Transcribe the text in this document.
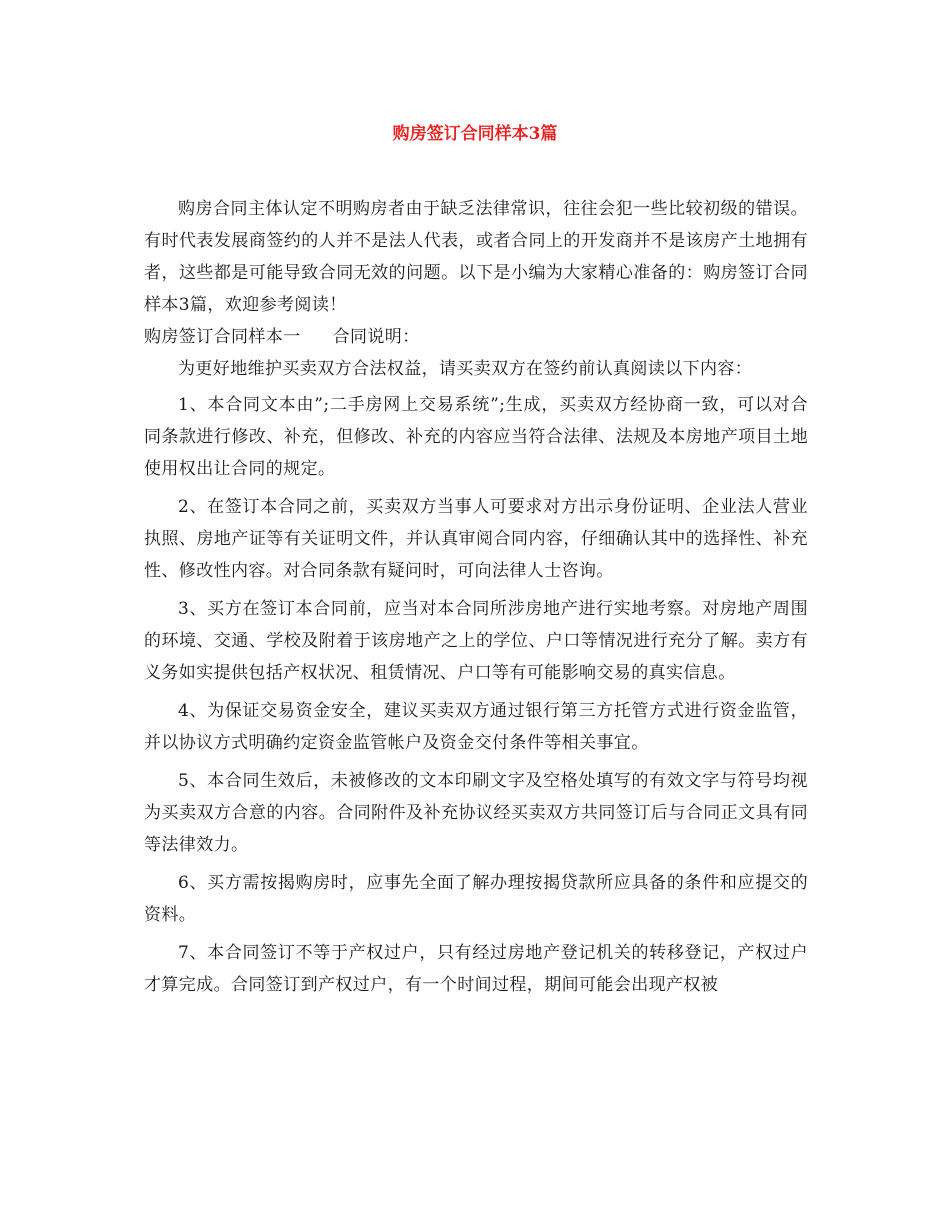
购房签订合同样本3篇

购房合同主体认定不明购房者由于缺乏法律常识，往往会犯一些比较初级的错误。有时代表发展商签约的人并不是法人代表，或者合同上的开发商并不是该房产土地拥有者，这些都是可能导致合同无效的问题。以下是小编为大家精心准备的：购房签订合同样本3篇，欢迎参考阅读！

购房签订合同样本一 合同说明：

为更好地维护买卖双方合法权益，请买卖双方在签约前认真阅读以下内容：

1、本合同文本由”;二手房网上交易系统”;生成，买卖双方经协商一致，可以对合同条款进行修改、补充，但修改、补充的内容应当符合法律、法规及本房地产项目土地使用权出让合同的规定。

2、在签订本合同之前，买卖双方当事人可要求对方出示身份证明、企业法人营业执照、房地产证等有关证明文件，并认真审阅合同内容，仔细确认其中的选择性、补充性、修改性内容。对合同条款有疑问时，可向法律人士咨询。

3、买方在签订本合同前，应当对本合同所涉房地产进行实地考察。对房地产周围的环境、交通、学校及附着于该房地产之上的学位、户口等情况进行充分了解。卖方有义务如实提供包括产权状况、租赁情况、户口等有可能影响交易的真实信息。

4、为保证交易资金安全，建议买卖双方通过银行第三方托管方式进行资金监管，并以协议方式明确约定资金监管帐户及资金交付条件等相关事宜。

5、本合同生效后，未被修改的文本印刷文字及空格处填写的有效文字与符号均视为买卖双方合意的内容。合同附件及补充协议经买卖双方共同签订后与合同正文具有同等法律效力。

6、买方需按揭购房时，应事先全面了解办理按揭贷款所应具备的条件和应提交的资料。

7、本合同签订不等于产权过户，只有经过房地产登记机关的转移登记，产权过户才算完成。合同签订到产权过户，有一个时间过程，期间可能会出现产权被
